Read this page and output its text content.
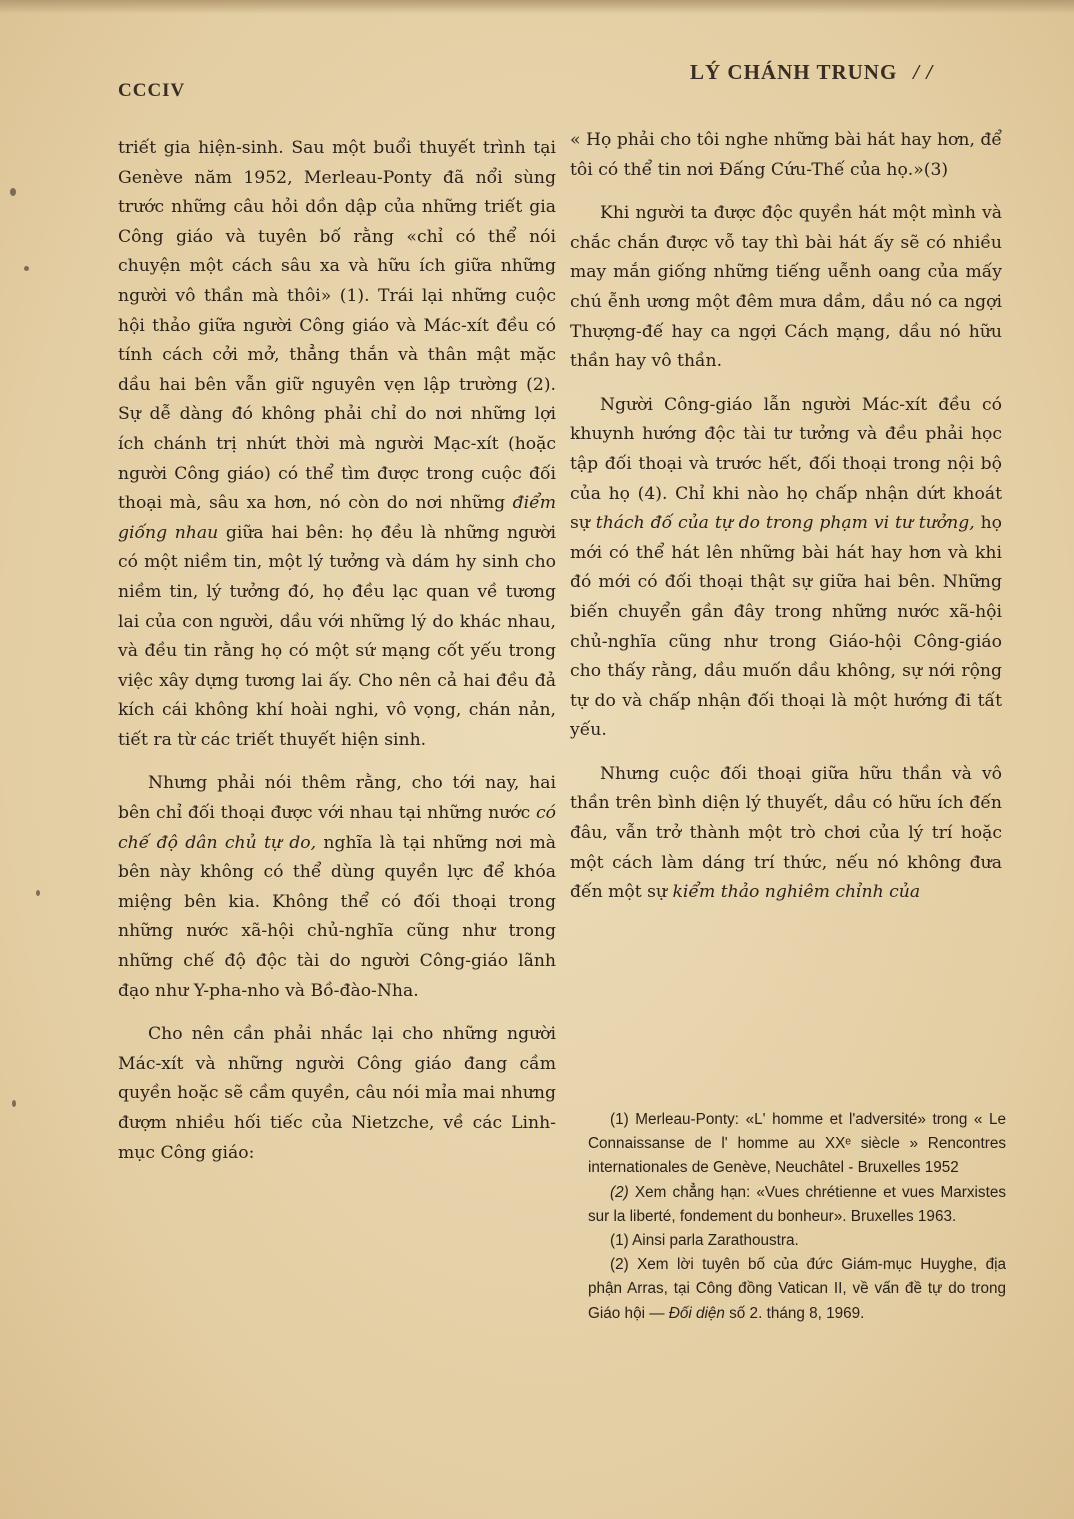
CCCIV
LÝ CHÁNH TRUNG / /

triết gia hiện-sinh. Sau một buổi thuyết trình tại Genève năm 1952, Merleau-Ponty đã nổi sùng trước những câu hỏi dồn dập của những triết gia Công giáo và tuyên bố rằng «chỉ có thể nói chuyện một cách sâu xa và hữu ích giữa những người vô thần mà thôi» (1). Trái lại những cuộc hội thảo giữa người Công giáo và Mác-xít đều có tính cách cởi mở, thẳng thắn và thân mật mặc dầu hai bên vẫn giữ nguyên vẹn lập trường (2). Sự dễ dàng đó không phải chỉ do nơi những lợi ích chánh trị nhứt thời mà người Mạc-xít (hoặc người Công giáo) có thể tìm được trong cuộc đối thoại mà, sâu xa hơn, nó còn do nơi những điểm giống nhau giữa hai bên: họ đều là những người có một niềm tin, một lý tưởng và dám hy sinh cho niềm tin, lý tưởng đó, họ đều lạc quan về tương lai của con người, dầu với những lý do khác nhau, và đều tin rằng họ có một sứ mạng cốt yếu trong việc xây dựng tương lai ấy. Cho nên cả hai đều đả kích cái không khí hoài nghi, vô vọng, chán nản, tiết ra từ các triết thuyết hiện sinh.

Nhưng phải nói thêm rằng, cho tới nay, hai bên chỉ đối thoại được với nhau tại những nước có chế độ dân chủ tự do, nghĩa là tại những nơi mà bên này không có thể dùng quyền lực để khóa miệng bên kia. Không thể có đối thoại trong những nước xã-hội chủ-nghĩa cũng như trong những chế độ độc tài do người Công-giáo lãnh đạo như Y-pha-nho và Bồ-đào-Nha.

Cho nên cần phải nhắc lại cho những người Mác-xít và những người Công giáo đang cầm quyền hoặc sẽ cầm quyền, câu nói mỉa mai nhưng đượm nhiều hối tiếc của Nietzche, về các Linh-mục Công giáo:

« Họ phải cho tôi nghe những bài hát hay hơn, để tôi có thể tin nơi Đấng Cứu-Thế của họ.»(3)

Khi người ta được độc quyền hát một mình và chắc chắn được vỗ tay thì bài hát ấy sẽ có nhiều may mắn giống những tiếng uễnh oang của mấy chú ễnh ương một đêm mưa dầm, dầu nó ca ngợi Thượng-đế hay ca ngợi Cách mạng, dầu nó hữu thần hay vô thần.

Người Công-giáo lẫn người Mác-xít đều có khuynh hướng độc tài tư tưởng và đều phải học tập đối thoại và trước hết, đối thoại trong nội bộ của họ (4). Chỉ khi nào họ chấp nhận dứt khoát sự thách đố của tự do trong phạm vi tư tưởng, họ mới có thể hát lên những bài hát hay hơn và khi đó mới có đối thoại thật sự giữa hai bên. Những biến chuyển gần đây trong những nước xã-hội chủ-nghĩa cũng như trong Giáo-hội Công-giáo cho thấy rằng, dầu muốn dầu không, sự nới rộng tự do và chấp nhận đối thoại là một hướng đi tất yếu.

Nhưng cuộc đối thoại giữa hữu thần và vô thần trên bình diện lý thuyết, dầu có hữu ích đến đâu, vẫn trở thành một trò chơi của lý trí hoặc một cách làm dáng trí thức, nếu nó không đưa đến một sự kiểm thảo nghiêm chỉnh của

(1) Merleau-Ponty: «L' homme et l'adversité» trong « Le Connaissanse de l' homme au XXᵉ siècle » Rencontres internationales de Genève, Neuchâtel - Bruxelles 1952

(2) Xem chẳng hạn: «Vues chrétienne et vues Marxistes sur la liberté, fondement du bonheur». Bruxelles 1963.

(1) Ainsi parla Zarathoustra.

(2) Xem lời tuyên bố của đức Giám-mục Huyghe, địa phận Arras, tại Công đồng Vatican II, về vấn đề tự do trong Giáo hội — Đối diện số 2. tháng 8, 1969.
